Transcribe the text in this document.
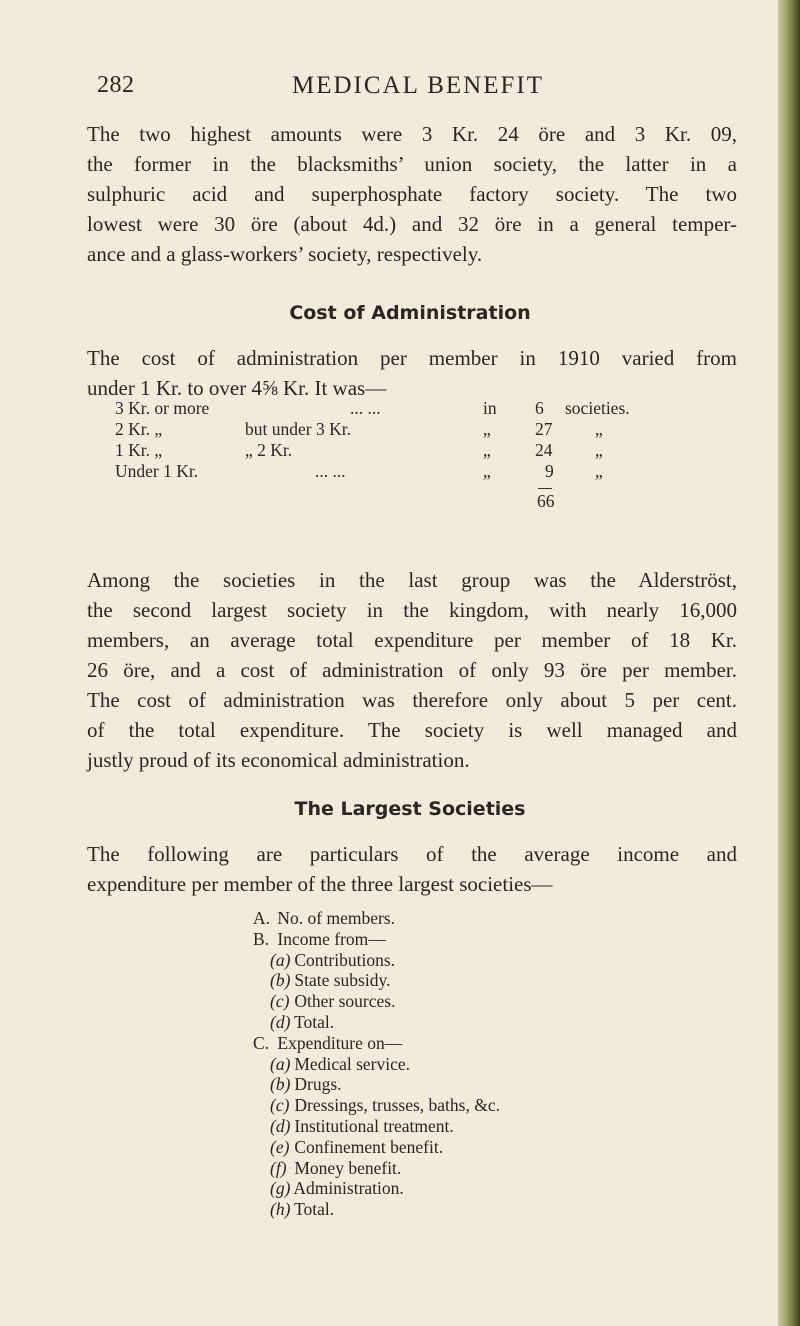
282	MEDICAL BENEFIT

The two highest amounts were 3 Kr. 24 öre and 3 Kr. 09,
the former in the blacksmiths’ union society, the latter in a
sulphuric acid and superphosphate factory society. The two
lowest were 30 öre (about 4d.) and 32 öre in a general temper-
ance and a glass-workers’ society, respectively.

Cost of Administration

The cost of administration per member in 1910 varied from
under 1 Kr. to over 4⅝ Kr. It was—

3 Kr. or more	... ...	in 6 societies.
2 Kr. „	but under 3 Kr.	„	27 „
1 Kr. „	„ 2 Kr.	„	24 „
Under 1 Kr.	... ...	„	9 „
66

Among the societies in the last group was the Alderströst,
the second largest society in the kingdom, with nearly 16,000
members, an average total expenditure per member of 18 Kr.
26 öre, and a cost of administration of only 93 öre per member.
The cost of administration was therefore only about 5 per cent.
of the total expenditure. The society is well managed and
justly proud of its economical administration.

The Largest Societies

The following are particulars of the average income and
expenditure per member of the three largest societies—

A. No. of members.
B. Income from—
(a) Contributions.
(b) State subsidy.
(c) Other sources.
(d) Total.
C. Expenditure on—
(a) Medical service.
(b) Drugs.
(c) Dressings, trusses, baths, &c.
(d) Institutional treatment.
(e) Confinement benefit.
(f) Money benefit.
(g) Administration.
(h) Total.
